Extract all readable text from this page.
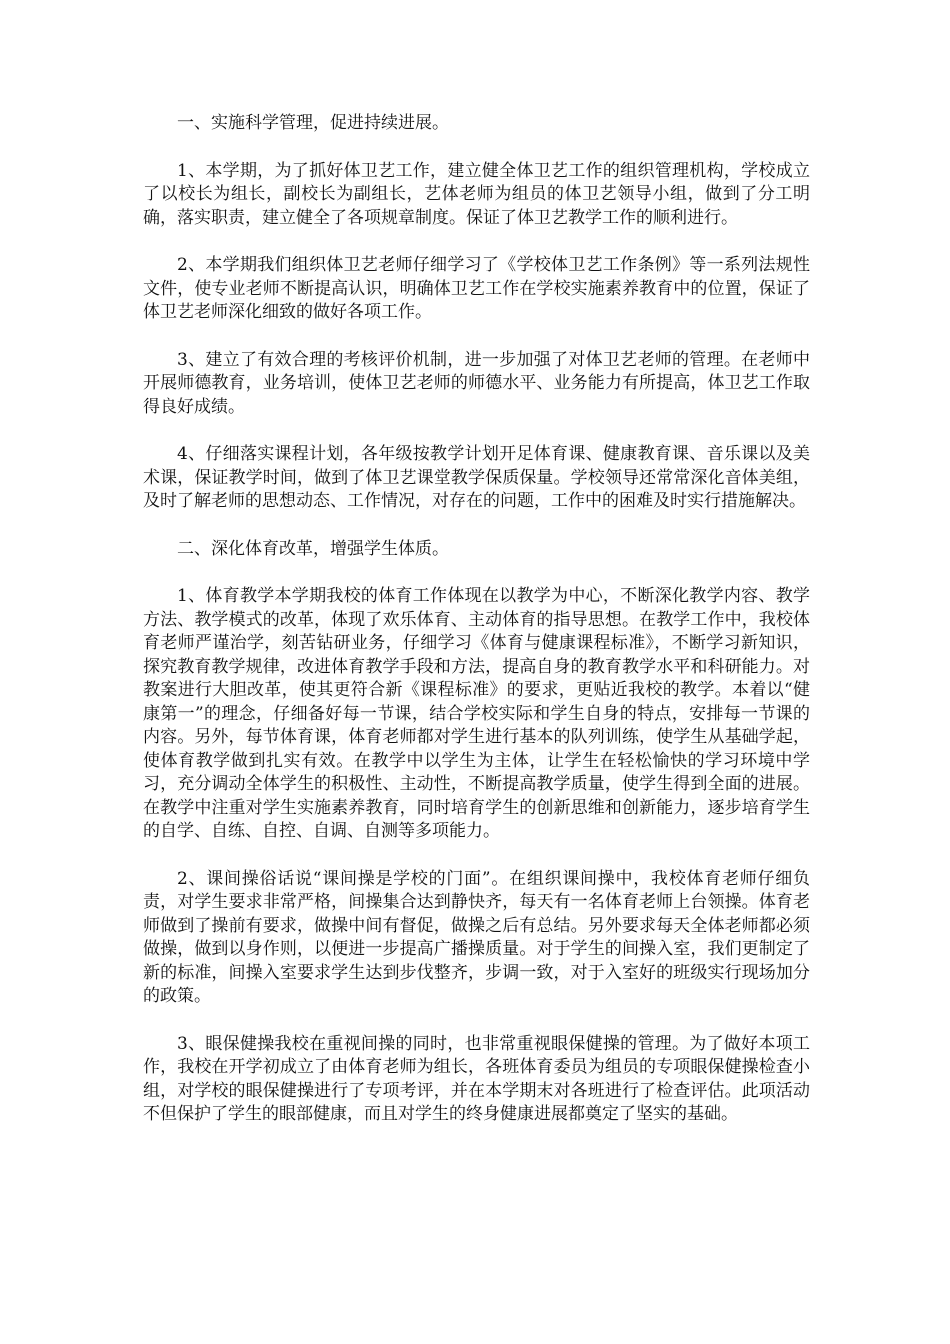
一、实施科学管理，促进持续进展。

1、本学期，为了抓好体卫艺工作，建立健全体卫艺工作的组织管理机构，学校成立了以校长为组长，副校长为副组长，艺体老师为组员的体卫艺领导小组，做到了分工明确，落实职责，建立健全了各项规章制度。保证了体卫艺教学工作的顺利进行。

2、本学期我们组织体卫艺老师仔细学习了《学校体卫艺工作条例》等一系列法规性文件，使专业老师不断提高认识，明确体卫艺工作在学校实施素养教育中的位置，保证了体卫艺老师深化细致的做好各项工作。

3、建立了有效合理的考核评价机制，进一步加强了对体卫艺老师的管理。在老师中开展师德教育，业务培训，使体卫艺老师的师德水平、业务能力有所提高，体卫艺工作取得良好成绩。

4、仔细落实课程计划，各年级按教学计划开足体育课、健康教育课、音乐课以及美术课，保证教学时间，做到了体卫艺课堂教学保质保量。学校领导还常常深化音体美组，及时了解老师的思想动态、工作情况，对存在的问题，工作中的困难及时实行措施解决。

二、深化体育改革，增强学生体质。

1、体育教学本学期我校的体育工作体现在以教学为中心，不断深化教学内容、教学方法、教学模式的改革，体现了欢乐体育、主动体育的指导思想。在教学工作中，我校体育老师严谨治学，刻苦钻研业务，仔细学习《体育与健康课程标准》，不断学习新知识，探究教育教学规律，改进体育教学手段和方法，提高自身的教育教学水平和科研能力。对教案进行大胆改革，使其更符合新《课程标准》的要求，更贴近我校的教学。本着以“健康第一”的理念，仔细备好每一节课，结合学校实际和学生自身的特点，安排每一节课的内容。另外，每节体育课，体育老师都对学生进行基本的队列训练，使学生从基础学起，使体育教学做到扎实有效。在教学中以学生为主体，让学生在轻松愉快的学习环境中学习，充分调动全体学生的积极性、主动性，不断提高教学质量，使学生得到全面的进展。在教学中注重对学生实施素养教育，同时培育学生的创新思维和创新能力，逐步培育学生的自学、自练、自控、自调、自测等多项能力。

2、课间操俗话说“课间操是学校的门面”。在组织课间操中，我校体育老师仔细负责，对学生要求非常严格，间操集合达到静快齐，每天有一名体育老师上台领操。体育老师做到了操前有要求，做操中间有督促，做操之后有总结。另外要求每天全体老师都必须做操，做到以身作则，以便进一步提高广播操质量。对于学生的间操入室，我们更制定了新的标准，间操入室要求学生达到步伐整齐，步调一致，对于入室好的班级实行现场加分的政策。

3、眼保健操我校在重视间操的同时，也非常重视眼保健操的管理。为了做好本项工作，我校在开学初成立了由体育老师为组长，各班体育委员为组员的专项眼保健操检查小组，对学校的眼保健操进行了专项考评，并在本学期末对各班进行了检查评估。此项活动不但保护了学生的眼部健康，而且对学生的终身健康进展都奠定了坚实的基础。
